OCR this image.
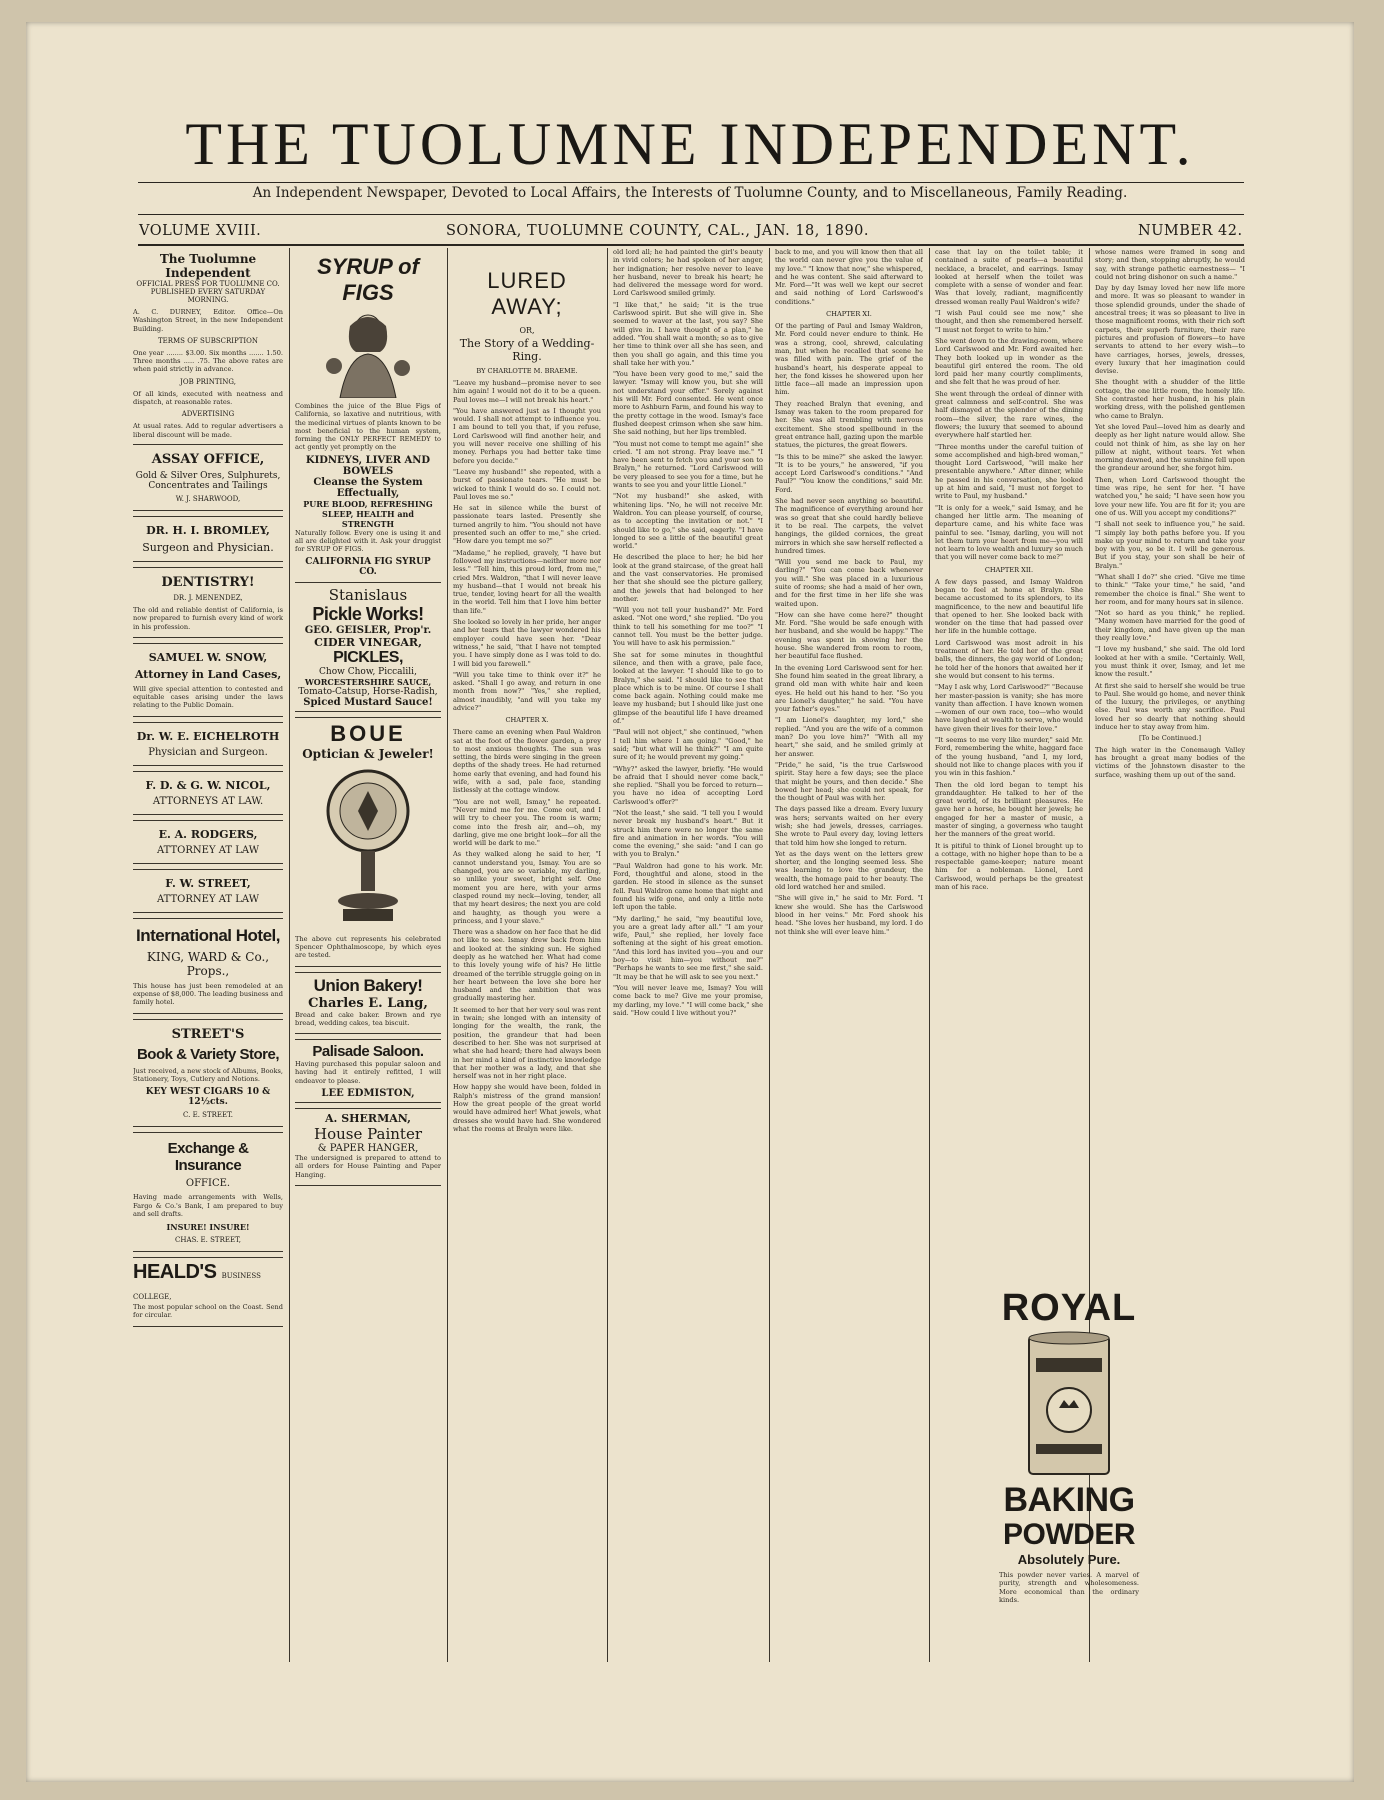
THE TUOLUMNE INDEPENDENT.
An Independent Newspaper, Devoted to Local Affairs, the Interests of Tuolumne County, and to Miscellaneous, Family Reading.
VOLUME XVIII.	SONORA, TUOLUMNE COUNTY, CAL., JAN. 18, 1890.	NUMBER 42.
The Tuolumne Independent
OFFICIAL PRESS FOR TUOLUMNE CO.
PUBLISHED EVERY SATURDAY MORNING.

A. C. DURNEY, Editor. Office—On Washington Street, in the new Independent Building.

TERMS OF SUBSCRIPTION

One year ........ $3.00. Six months ....... 1.50. Three months ..... .75. The above rates are when paid strictly in advance.

JOB PRINTING,

Of all kinds, executed with neatness and dispatch, at reasonable rates.

ADVERTISING

At usual rates. Add to regular advertisers a liberal discount will be made.

ASSAY OFFICE,
Gold & Silver Ores, Sulphurets, Concentrates and Tailings
W. J. SHARWOOD,
DR. H. I. BROMLEY,
Surgeon and Physician.
DENTISTRY!
DR. J. MENENDEZ,

The old and reliable dentist of California, is now prepared to furnish every kind of work in his profession.

SAMUEL W. SNOW,
Attorney in Land Cases,

Will give special attention to contested and equitable cases arising under the laws relating to the Public Domain.

Dr. W. E. EICHELROTH
Physician and Surgeon.
F. D. & G. W. NICOL,
ATTORNEYS AT LAW.
E. A. RODGERS,
ATTORNEY AT LAW
F. W. STREET,
ATTORNEY AT LAW
International Hotel,
KING, WARD & Co., Props.,

This house has just been remodeled at an expense of $8,000. The leading business and family hotel.

STREET'S
Book & Variety Store,

Just received, a new stock of Albums, Books, Stationery, Toys, Cutlery and Notions.

KEY WEST CIGARS 10 & 12½cts.
C. E. STREET.
Exchange & Insurance
OFFICE.

Having made arrangements with Wells, Fargo & Co.'s Bank, I am prepared to buy and sell drafts.

INSURE! INSURE!
CHAS. E. STREET,
HEALD'S BUSINESS COLLEGE,

The most popular school on the Coast. Send for circular.

SYRUP of FIGS

Combines the juice of the Blue Figs of California, so laxative and nutritious, with the medicinal virtues of plants known to be most beneficial to the human system, forming the ONLY PERFECT REMEDY to act gently yet promptly on the

KIDNEYS, LIVER AND BOWELS
Cleanse the System Effectually,
PURE BLOOD, REFRESHING SLEEP, HEALTH and STRENGTH

Naturally follow. Every one is using it and all are delighted with it. Ask your druggist for SYRUP OF FIGS.

CALIFORNIA FIG SYRUP CO.
Stanislaus
Pickle Works!
GEO. GEISLER, Prop'r.
CIDER VINEGAR,
PICKLES,
Chow Chow, Piccalili,
WORCESTERSHIRE SAUCE,
Tomato-Catsup, Horse-Radish,
Spiced Mustard Sauce!
BOUE
Optician & Jeweler!

The above cut represents his celebrated Spencer Ophthalmoscope, by which eyes are tested.

Union Bakery!
Charles E. Lang,

Bread and cake baker. Brown and rye bread, wedding cakes, tea biscuit.

Palisade Saloon.

Having purchased this popular saloon and having had it entirely refitted, I will endeavor to please.

LEE EDMISTON,
A. SHERMAN,
House Painter
& PAPER HANGER,

The undersigned is prepared to attend to all orders for House Painting and Paper Hanging.

LURED AWAY;
OR,
The Story of a Wedding-Ring.
BY CHARLOTTE M. BRAEME.

"Leave my husband—promise never to see him again! I would not do it to be a queen. Paul loves me—I will not break his heart."

"You have answered just as I thought you would. I shall not attempt to influence you. I am bound to tell you that, if you refuse, Lord Carlswood will find another heir, and you will never receive one shilling of his money. Perhaps you had better take time before you decide."

"Leave my husband!" she repeated, with a burst of passionate tears. "He must be wicked to think I would do so. I could not. Paul loves me so."

He sat in silence while the burst of passionate tears lasted. Presently she turned angrily to him. "You should not have presented such an offer to me," she cried. "How dare you tempt me so?"

"Madame," he replied, gravely, "I have but followed my instructions—neither more nor less." "Tell him, this proud lord, from me," cried Mrs. Waldron, "that I will never leave my husband—that I would not break his true, tender, loving heart for all the wealth in the world. Tell him that I love him better than life."

She looked so lovely in her pride, her anger and her tears that the lawyer wondered his employer could have seen her. "Dear witness," he said, "that I have not tempted you. I have simply done as I was told to do. I will bid you farewell."

"Will you take time to think over it?" he asked. "Shall I go away, and return in one month from now?" "Yes," she replied, almost inaudibly, "and will you take my advice?"

CHAPTER X.

There came an evening when Paul Waldron sat at the foot of the flower garden, a prey to most anxious thoughts. The sun was setting, the birds were singing in the green depths of the shady trees. He had returned home early that evening, and had found his wife, with a sad, pale face, standing listlessly at the cottage window.

"You are not well, Ismay," he repeated. "Never mind me for me. Come out, and I will try to cheer you. The room is warm; come into the fresh air, and—oh, my darling, give me one bright look—for all the world will be dark to me."

As they walked along he said to her, "I cannot understand you, Ismay. You are so changed, you are so variable, my darling, so unlike your sweet, bright self. One moment you are here, with your arms clasped round my neck—loving, tender, all that my heart desires; the next you are cold and haughty, as though you were a princess, and I your slave."

There was a shadow on her face that he did not like to see. Ismay drew back from him and looked at the sinking sun. He sighed deeply as he watched her. What had come to this lovely young wife of his? He little dreamed of the terrible struggle going on in her heart between the love she bore her husband and the ambition that was gradually mastering her.

It seemed to her that her very soul was rent in twain; she longed with an intensity of longing for the wealth, the rank, the position, the grandeur that had been described to her. She was not surprised at what she had heard; there had always been in her mind a kind of instinctive knowledge that her mother was a lady, and that she herself was not in her right place.

How happy she would have been, folded in Ralph's mistress of the grand mansion! How the great people of the great world would have admired her! What jewels, what dresses she would have had. She wondered what the rooms at Bralyn were like.

old lord all; he had painted the girl's beauty in vivid colors; he had spoken of her anger, her indignation; her resolve never to leave her husband, never to break his heart; he had delivered the message word for word. Lord Carlswood smiled grimly.

"I like that," he said; "it is the true Carlswood spirit. But she will give in. She seemed to waver at the last, you say? She will give in. I have thought of a plan," he added. "You shall wait a month; so as to give her time to think over all she has seen, and then you shall go again, and this time you shall take her with you."

"You have been very good to me," said the lawyer. "Ismay will know you, but she will not understand your offer." Sorely against his will Mr. Ford consented. He went once more to Ashburn Farm, and found his way to the pretty cottage in the wood. Ismay's face flushed deepest crimson when she saw him. She said nothing, but her lips trembled.

"You must not come to tempt me again!" she cried. "I am not strong. Pray leave me." "I have been sent to fetch you and your son to Bralyn," he returned. "Lord Carlswood will be very pleased to see you for a time, but he wants to see you and your little Lionel."

"Not my husband!" she asked, with whitening lips. "No, he will not receive Mr. Waldron. You can please yourself, of course, as to accepting the invitation or not." "I should like to go," she said, eagerly. "I have longed to see a little of the beautiful great world."

He described the place to her; he bid her look at the grand staircase, of the great hall and the vast conservatories. He promised her that she should see the picture gallery, and the jewels that had belonged to her mother.

"Will you not tell your husband?" Mr. Ford asked. "Not one word," she replied. "Do you think to tell his something for me too?" "I cannot tell. You must be the better judge. You will have to ask his permission."

She sat for some minutes in thoughtful silence, and then with a grave, pale face, looked at the lawyer. "I should like to go to Bralyn," she said. "I should like to see that place which is to be mine. Of course I shall come back again. Nothing could make me leave my husband; but I should like just one glimpse of the beautiful life I have dreamed of."

"Paul will not object," she continued, "when I tell him where I am going." "Good," he said; "but what will he think?" "I am quite sure of it; he would prevent my going."

"Why?" asked the lawyer, briefly. "He would be afraid that I should never come back," she replied. "Shall you be forced to return—you have no idea of accepting Lord Carlswood's offer?"

"Not the least," she said. "I tell you I would never break my husband's heart." But it struck him there were no longer the same fire and animation in her words. "You will come the evening," she said: "and I can go with you to Bralyn."

"Paul Waldron had gone to his work. Mr. Ford, thoughtful and alone, stood in the garden. He stood in silence as the sunset fell. Paul Waldron came home that night and found his wife gone, and only a little note left upon the table.

"My darling," he said, "my beautiful love, you are a great lady after all." "I am your wife, Paul," she replied, her lovely face softening at the sight of his great emotion. "And this lord has invited you—you and our boy—to visit him—you without me?" "Perhaps he wants to see me first," she said. "It may be that he will ask to see you next."

"You will never leave me, Ismay? You will come back to me? Give me your promise, my darling, my love." "I will come back," she said. "How could I live without you?"

back to me, and you will know then that all the world can never give you the value of my love." "I know that now," she whispered, and he was content. She said afterward to Mr. Ford—"It was well we kept our secret and said nothing of Lord Carlswood's conditions."

CHAPTER XI.

Of the parting of Paul and Ismay Waldron, Mr. Ford could never endure to think. He was a strong, cool, shrewd, calculating man, but when he recalled that scene he was filled with pain. The grief of the husband's heart, his desperate appeal to her, the fond kisses he showered upon her little face—all made an impression upon him.

They reached Bralyn that evening, and Ismay was taken to the room prepared for her. She was all trembling with nervous excitement. She stood spellbound in the great entrance hall, gazing upon the marble statues, the pictures, the great flowers.

"Is this to be mine?" she asked the lawyer. "It is to be yours," he answered, "if you accept Lord Carlswood's conditions." "And Paul?" "You know the conditions," said Mr. Ford.

She had never seen anything so beautiful. The magnificence of everything around her was so great that she could hardly believe it to be real. The carpets, the velvet hangings, the gilded cornices, the great mirrors in which she saw herself reflected a hundred times.

"Will you send me back to Paul, my darling?" "You can come back whenever you will." She was placed in a luxurious suite of rooms; she had a maid of her own, and for the first time in her life she was waited upon.

"How can she have come here?" thought Mr. Ford. "She would be safe enough with her husband, and she would be happy." The evening was spent in showing her the house. She wandered from room to room, her beautiful face flushed.

In the evening Lord Carlswood sent for her. She found him seated in the great library, a grand old man with white hair and keen eyes. He held out his hand to her. "So you are Lionel's daughter," he said. "You have your father's eyes."

"I am Lionel's daughter, my lord," she replied. "And you are the wife of a common man? Do you love him?" "With all my heart," she said, and he smiled grimly at her answer.

"Pride," he said, "is the true Carlswood spirit. Stay here a few days; see the place that might be yours, and then decide." She bowed her head; she could not speak, for the thought of Paul was with her.

The days passed like a dream. Every luxury was hers; servants waited on her every wish; she had jewels, dresses, carriages. She wrote to Paul every day, loving letters that told him how she longed to return.

Yet as the days went on the letters grew shorter, and the longing seemed less. She was learning to love the grandeur, the wealth, the homage paid to her beauty. The old lord watched her and smiled.

"She will give in," he said to Mr. Ford. "I knew she would. She has the Carlswood blood in her veins." Mr. Ford shook his head. "She loves her husband, my lord. I do not think she will ever leave him."

case that lay on the toilet table; it contained a suite of pearls—a beautiful necklace, a bracelet, and earrings. Ismay looked at herself when the toilet was complete with a sense of wonder and fear. Was that lovely, radiant, magnificently dressed woman really Paul Waldron's wife?

"I wish Paul could see me now," she thought, and then she remembered herself. "I must not forget to write to him."

She went down to the drawing-room, where Lord Carlswood and Mr. Ford awaited her. They both looked up in wonder as the beautiful girl entered the room. The old lord paid her many courtly compliments, and she felt that he was proud of her.

She went through the ordeal of dinner with great calmness and self-control. She was half dismayed at the splendor of the dining room—the silver, the rare wines, the flowers; the luxury that seemed to abound everywhere half startled her.

"Three months under the careful tuition of some accomplished and high-bred woman," thought Lord Carlswood, "will make her presentable anywhere." After dinner, while he passed in his conversation, she looked up at him and said, "I must not forget to write to Paul, my husband."

"It is only for a week," said Ismay, and he changed her little arm. The meaning of departure came, and his white face was painful to see. "Ismay, darling, you will not let them turn your heart from me—you will not learn to love wealth and luxury so much that you will never come back to me?"

CHAPTER XII.

A few days passed, and Ismay Waldron began to feel at home at Bralyn. She became accustomed to its splendors, to its magnificence, to the new and beautiful life that opened to her. She looked back with wonder on the time that had passed over her life in the humble cottage.

Lord Carlswood was most adroit in his treatment of her. He told her of the great balls, the dinners, the gay world of London; he told her of the honors that awaited her if she would but consent to his terms.

"May I ask why, Lord Carlswood?" "Because her master-passion is vanity; she has more vanity than affection. I have known women—women of our own race, too—who would have laughed at wealth to serve, who would have given their lives for their love."

"It seems to me very like murder," said Mr. Ford, remembering the white, haggard face of the young husband, "and I, my lord, should not like to change places with you if you win in this fashion."

Then the old lord began to tempt his granddaughter. He talked to her of the great world, of its brilliant pleasures. He gave her a horse, he bought her jewels; he engaged for her a master of music, a master of singing, a governess who taught her the manners of the great world.

It is pitiful to think of Lionel brought up to a cottage, with no higher hope than to be a respectable game-keeper; nature meant him for a nobleman. Lionel, Lord Carlswood, would perhaps be the greatest man of his race.

whose names were framed in song and story; and then, stopping abruptly, he would say, with strange pathetic earnestness— "I could not bring dishonor on such a name."

Day by day Ismay loved her new life more and more. It was so pleasant to wander in those splendid grounds, under the shade of ancestral trees; it was so pleasant to live in those magnificent rooms, with their rich soft carpets, their superb furniture, their rare pictures and profusion of flowers—to have servants to attend to her every wish—to have carriages, horses, jewels, dresses, every luxury that her imagination could devise.

She thought with a shudder of the little cottage, the one little room, the homely life. She contrasted her husband, in his plain working dress, with the polished gentlemen who came to Bralyn.

Yet she loved Paul—loved him as dearly and deeply as her light nature would allow. She could not think of him, as she lay on her pillow at night, without tears. Yet when morning dawned, and the sunshine fell upon the grandeur around her, she forgot him.

Then, when Lord Carlswood thought the time was ripe, he sent for her. "I have watched you," he said; "I have seen how you love your new life. You are fit for it; you are one of us. Will you accept my conditions?"

"I shall not seek to influence you," he said. "I simply lay both paths before you. If you make up your mind to return and take your boy with you, so be it. I will be generous. But if you stay, your son shall be heir of Bralyn."

"What shall I do?" she cried. "Give me time to think." "Take your time," he said, "and remember the choice is final." She went to her room, and for many hours sat in silence.

"Not so hard as you think," he replied. "Many women have married for the good of their kingdom, and have given up the man they really love."

"I love my husband," she said. The old lord looked at her with a smile. "Certainly. Well, you must think it over, Ismay, and let me know the result."

At first she said to herself she would be true to Paul. She would go home, and never think of the luxury, the privileges, or anything else. Paul was worth any sacrifice. Paul loved her so dearly that nothing should induce her to stay away from him.

[To be Continued.]

The high water in the Conemaugh Valley has brought a great many bodies of the victims of the Johnstown disaster to the surface, washing them up out of the sand.

ROYAL
BAKING
POWDER
Absolutely Pure.

This powder never varies. A marvel of purity, strength and wholesomeness. More economical than the ordinary kinds.
